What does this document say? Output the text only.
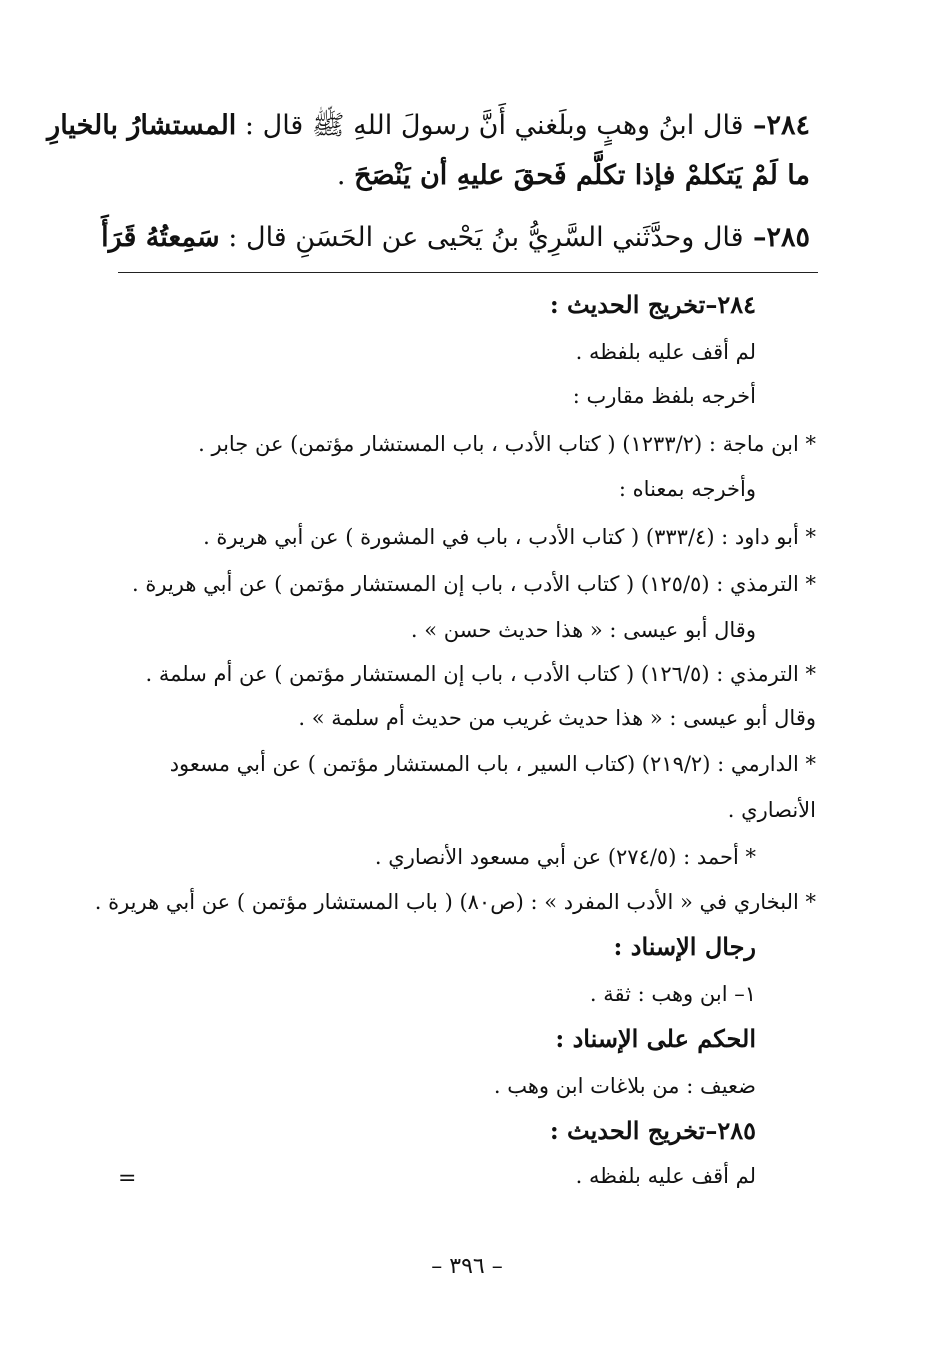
٢٨٤– قال ابنُ وهبٍ وبلَغني أَنَّ رسولَ اللهِ ﷺ قال : المستشارُ بالخيارِ
ما لَمْ يَتكلمْ فإذا تكلَّم فَحقَ عليهِ أن يَنْصَحَ .
٢٨٥– قال وحدَّثَني السَّرِيُّ بنُ يَحْيى عن الحَسَنِ قال : سَمِعتُهُ قَرَأَ
٢٨٤–تخريج الحديث :
لم أقف عليه بلفظه .
أخرجه بلفظ مقارب :
* ابن ماجة : (١٢٣٣/٢) ( كتاب الأدب ، باب المستشار مؤتمن) عن جابر .
وأخرجه بمعناه :
* أبو داود : (٣٣٣/٤) ( كتاب الأدب ، باب في المشورة ) عن أبي هريرة .
* الترمذي : (١٢٥/٥) ( كتاب الأدب ، باب إن المستشار مؤتمن ) عن أبي هريرة .
وقال أبو عيسى : « هذا حديث حسن » .
* الترمذي : (١٢٦/٥) ( كتاب الأدب ، باب إن المستشار مؤتمن ) عن أم سلمة .
وقال أبو عيسى : « هذا حديث غريب من حديث أم سلمة » .
* الدارمي : (٢١٩/٢) (كتاب السير ، باب المستشار مؤتمن ) عن أبي مسعود
الأنصاري .
* أحمد : (٢٧٤/٥) عن أبي مسعود الأنصاري .
* البخاري في « الأدب المفرد » : (ص٨٠) ( باب المستشار مؤتمن ) عن أبي هريرة .
رجال الإسناد :
١– ابن وهب : ثقة .
الحكم على الإسناد :
ضعيف : من بلاغات ابن وهب .
٢٨٥–تخريج الحديث :
لم أقف عليه بلفظه .
=
– ٣٩٦ –
